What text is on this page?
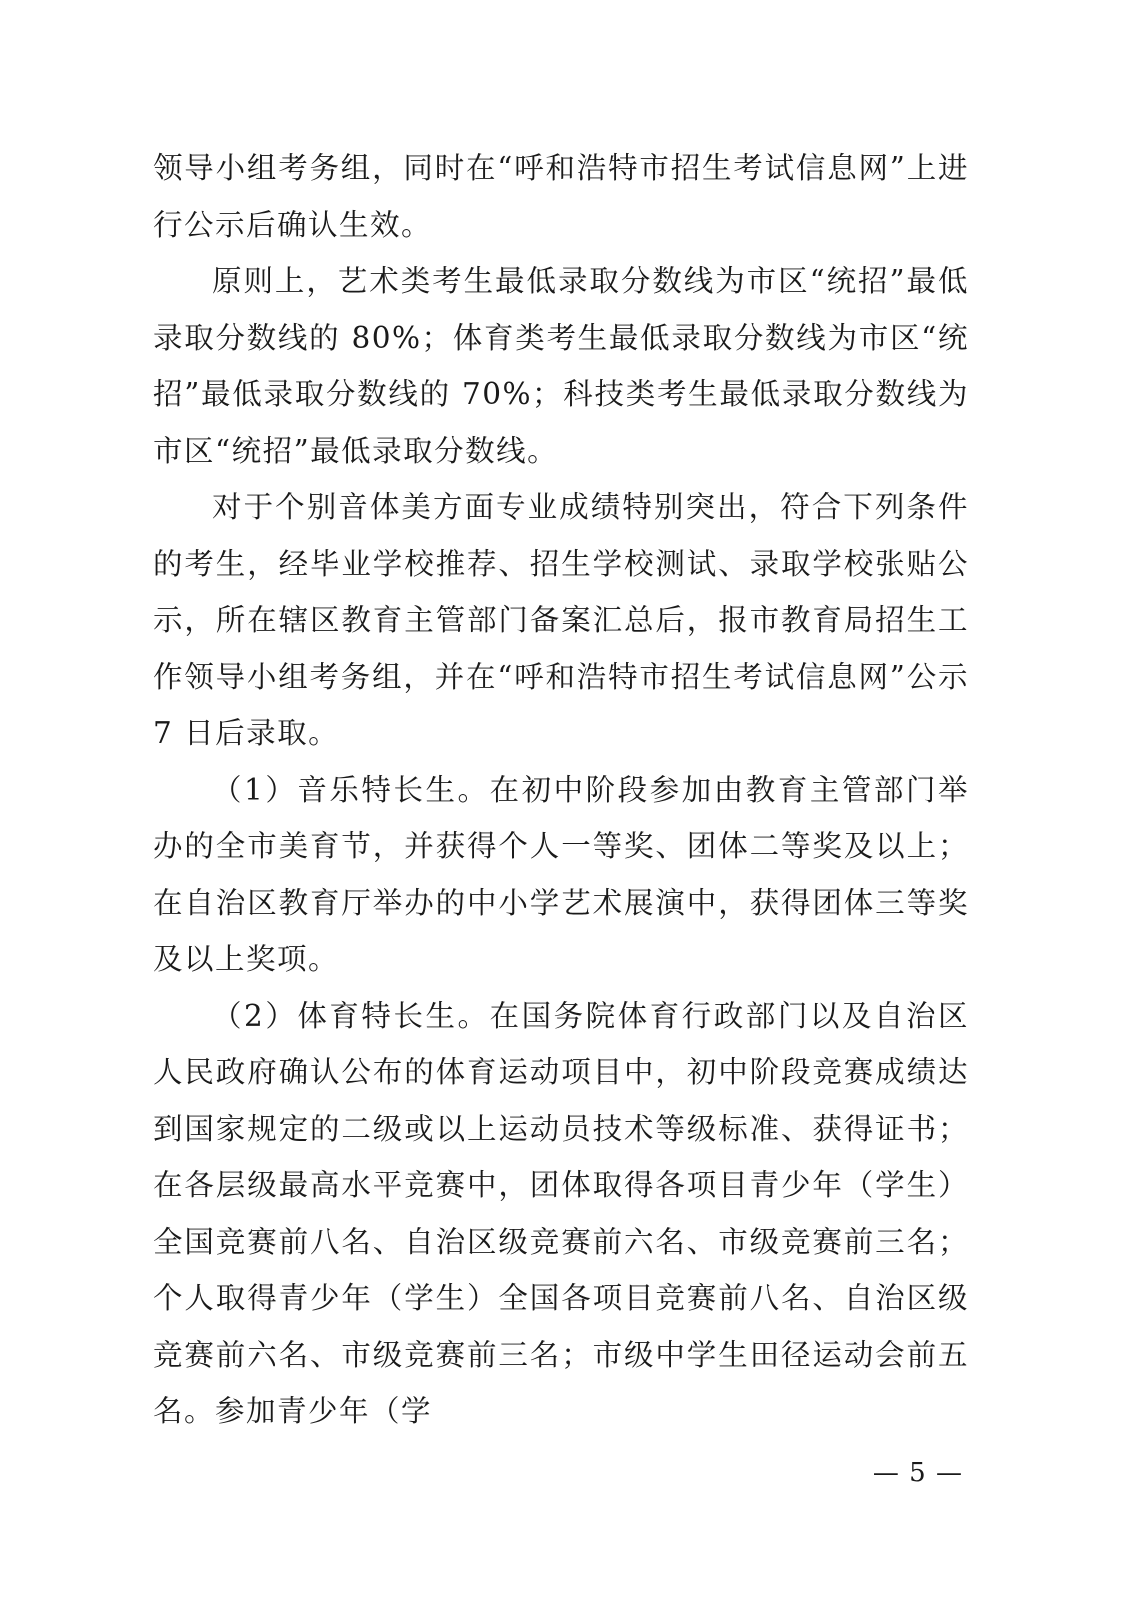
领导小组考务组，同时在“呼和浩特市招生考试信息网”上进行公示后确认生效。

原则上，艺术类考生最低录取分数线为市区“统招”最低录取分数线的 80%；体育类考生最低录取分数线为市区“统招”最低录取分数线的 70%；科技类考生最低录取分数线为市区“统招”最低录取分数线。

对于个别音体美方面专业成绩特别突出，符合下列条件的考生，经毕业学校推荐、招生学校测试、录取学校张贴公示，所在辖区教育主管部门备案汇总后，报市教育局招生工作领导小组考务组，并在“呼和浩特市招生考试信息网”公示 7 日后录取。

（1）音乐特长生。在初中阶段参加由教育主管部门举办的全市美育节，并获得个人一等奖、团体二等奖及以上；在自治区教育厅举办的中小学艺术展演中，获得团体三等奖及以上奖项。

（2）体育特长生。在国务院体育行政部门以及自治区人民政府确认公布的体育运动项目中，初中阶段竞赛成绩达到国家规定的二级或以上运动员技术等级标准、获得证书；在各层级最高水平竞赛中，团体取得各项目青少年（学生）全国竞赛前八名、自治区级竞赛前六名、市级竞赛前三名；个人取得青少年（学生）全国各项目竞赛前八名、自治区级竞赛前六名、市级竞赛前三名；市级中学生田径运动会前五名。参加青少年（学

— 5 —
